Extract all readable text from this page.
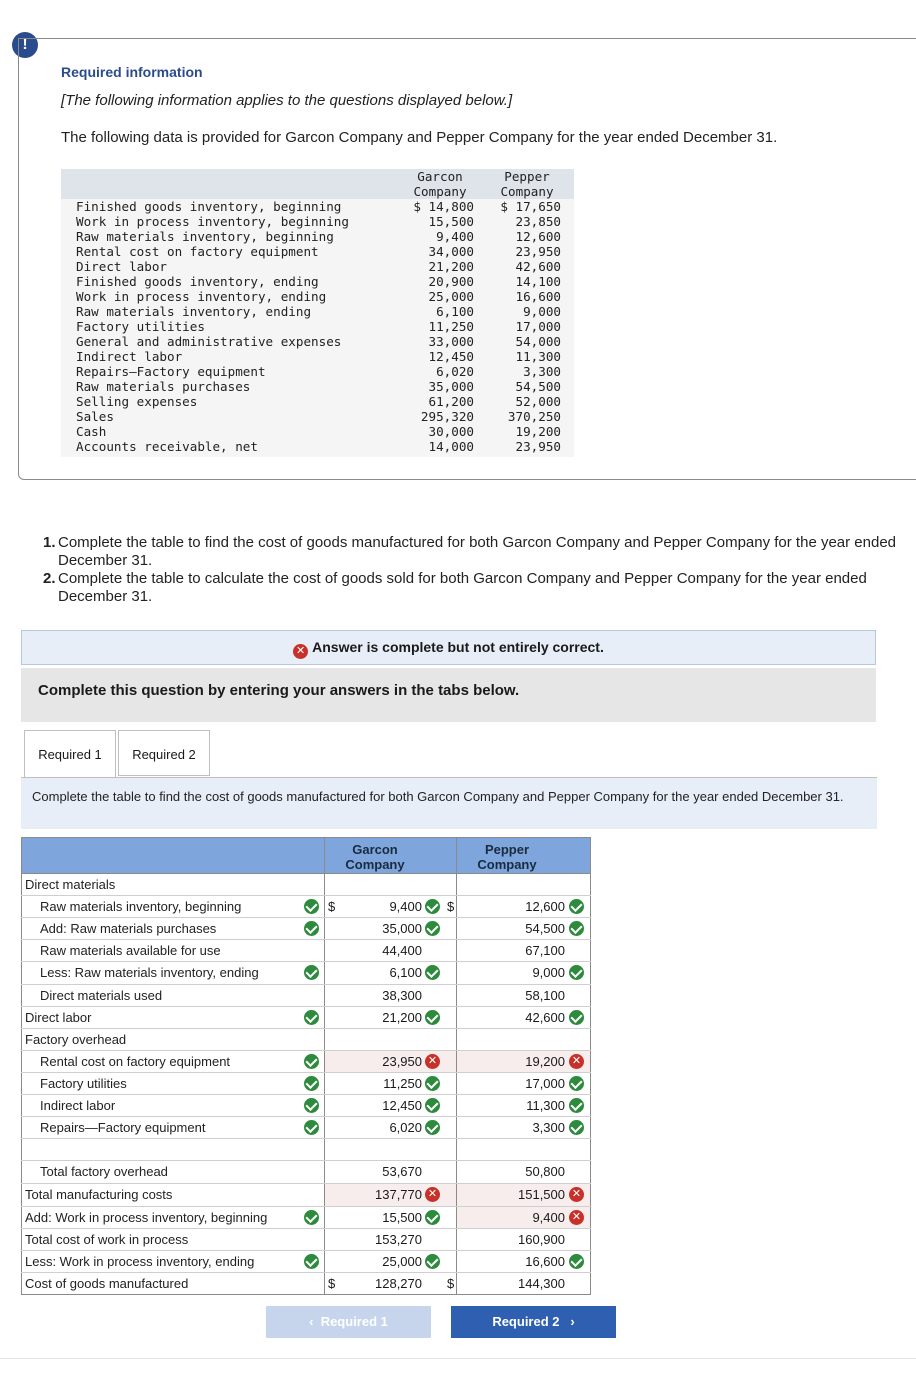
!
Required information
[The following information applies to the questions displayed below.]
The following data is provided for Garcon Company and Pepper Company for the year ended December 31.
Garcon
Company
Pepper
Company
Finished goods inventory, beginning	$ 14,800	$ 17,650
Work in process inventory, beginning	15,500	23,850
Raw materials inventory, beginning	9,400	12,600
Rental cost on factory equipment	34,000	23,950
Direct labor	21,200	42,600
Finished goods inventory, ending	20,900	14,100
Work in process inventory, ending	25,000	16,600
Raw materials inventory, ending	6,100	9,000
Factory utilities	11,250	17,000
General and administrative expenses	33,000	54,000
Indirect labor	12,450	11,300
Repairs—Factory equipment	6,020	3,300
Raw materials purchases	35,000	54,500
Selling expenses	61,200	52,000
Sales	295,320	370,250
Cash	30,000	19,200
Accounts receivable, net	14,000	23,950
1. Complete the table to find the cost of goods manufactured for both Garcon Company and Pepper Company for the year ended December 31.
2. Complete the table to calculate the cost of goods sold for both Garcon Company and Pepper Company for the year ended December 31.
✕ Answer is complete but not entirely correct.
Complete this question by entering your answers in the tabs below.
Required 1	Required 2
Complete the table to find the cost of goods manufactured for both Garcon Company and Pepper Company for the year ended December 31.
Garcon
Company
Pepper
Company
Direct materials
Raw materials inventory, beginning	9,400	12,600
$	$
Add: Raw materials purchases	35,000	54,500
Raw materials available for use	44,400	67,100
Less: Raw materials inventory, ending	6,100	9,000
Direct materials used	38,300	58,100
Direct labor	21,200	42,600
Factory overhead
Rental cost on factory equipment	23,950 ✕	19,200 ✕
Factory utilities	11,250	17,000
Indirect labor	12,450	11,300
Repairs—Factory equipment	6,020	3,300
Total factory overhead	53,670	50,800
Total manufacturing costs	137,770 ✕	151,500 ✕
Add: Work in process inventory, beginning	15,500	9,400 ✕
Total cost of work in process	153,270	160,900
Less: Work in process inventory, ending	25,000	16,600
Cost of goods manufactured	128,270	144,300
$	$
‹ Required 1	Required 2 ›
